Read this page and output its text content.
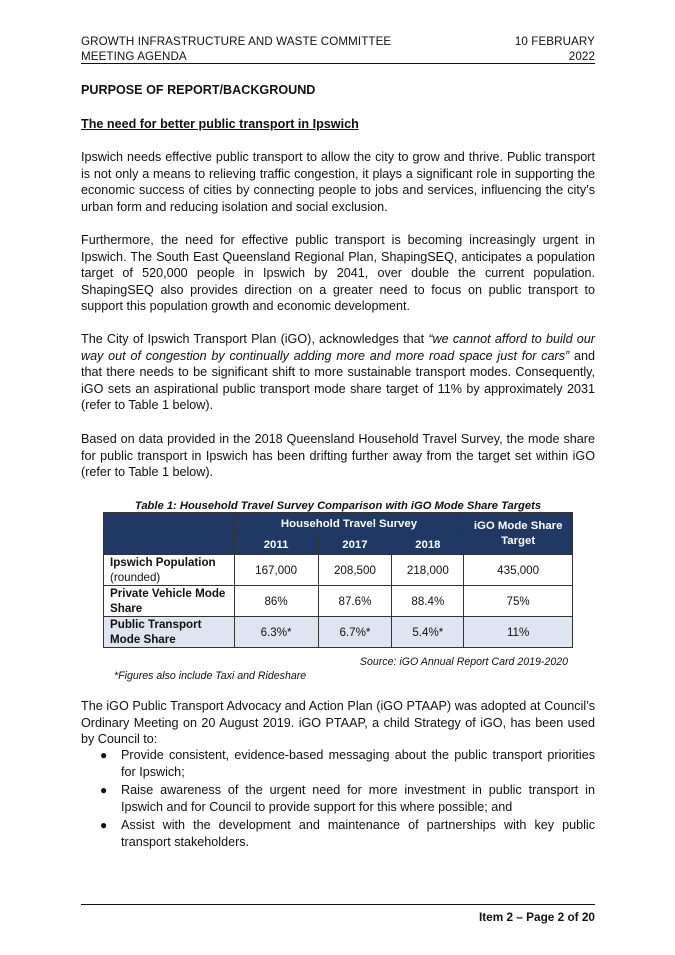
GROWTH INFRASTRUCTURE AND WASTE COMMITTEE
MEETING AGENDA
10 FEBRUARY
2022
PURPOSE OF REPORT/BACKGROUND
The need for better public transport in Ipswich
Ipswich needs effective public transport to allow the city to grow and thrive. Public transport is not only a means to relieving traffic congestion, it plays a significant role in supporting the economic success of cities by connecting people to jobs and services, influencing the city’s urban form and reducing isolation and social exclusion.
Furthermore, the need for effective public transport is becoming increasingly urgent in Ipswich. The South East Queensland Regional Plan, ShapingSEQ, anticipates a population target of 520,000 people in Ipswich by 2041, over double the current population. ShapingSEQ also provides direction on a greater need to focus on public transport to support this population growth and economic development.
The City of Ipswich Transport Plan (iGO), acknowledges that “we cannot afford to build our way out of congestion by continually adding more and more road space just for cars” and that there needs to be significant shift to more sustainable transport modes. Consequently, iGO sets an aspirational public transport mode share target of 11% by approximately 2031 (refer to Table 1 below).
Based on data provided in the 2018 Queensland Household Travel Survey, the mode share for public transport in Ipswich has been drifting further away from the target set within iGO (refer to Table 1 below).
Table 1: Household Travel Survey Comparison with iGO Mode Share Targets
	Household Travel Survey			iGO Mode Share Target
	2011	2017	2018	
Ipswich Population
(rounded)	167,000	208,500	218,000	435,000
Private Vehicle Mode Share	86%	87.6%	88.4%	75%
Public Transport Mode Share	6.3%*	6.7%*	5.4%*	11%
Source: iGO Annual Report Card 2019-2020
*Figures also include Taxi and Rideshare
The iGO Public Transport Advocacy and Action Plan (iGO PTAAP) was adopted at Council’s Ordinary Meeting on 20 August 2019. iGO PTAAP, a child Strategy of iGO, has been used by Council to:
● Provide consistent, evidence-based messaging about the public transport priorities for Ipswich;
● Raise awareness of the urgent need for more investment in public transport in Ipswich and for Council to provide support for this where possible; and
● Assist with the development and maintenance of partnerships with key public transport stakeholders.
Item 2 – Page 2 of 20
